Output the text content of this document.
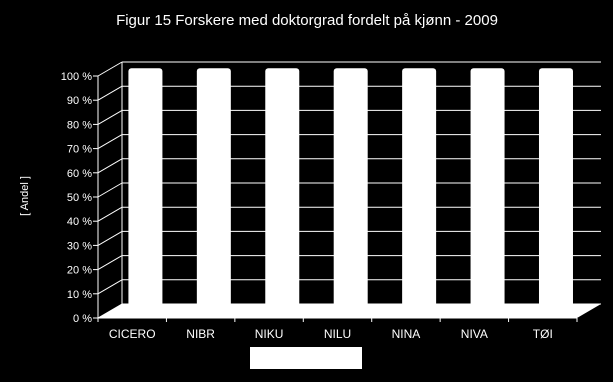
Figur 15 Forskere med doktorgrad fordelt på kjønn - 2009
[ Andel ]
0 %
10 %
20 %
30 %
40 %
50 %
60 %
70 %
80 %
90 %
100 %
CICERO	NIBR	NIKU	NILU	NINA	NIVA	TØI
